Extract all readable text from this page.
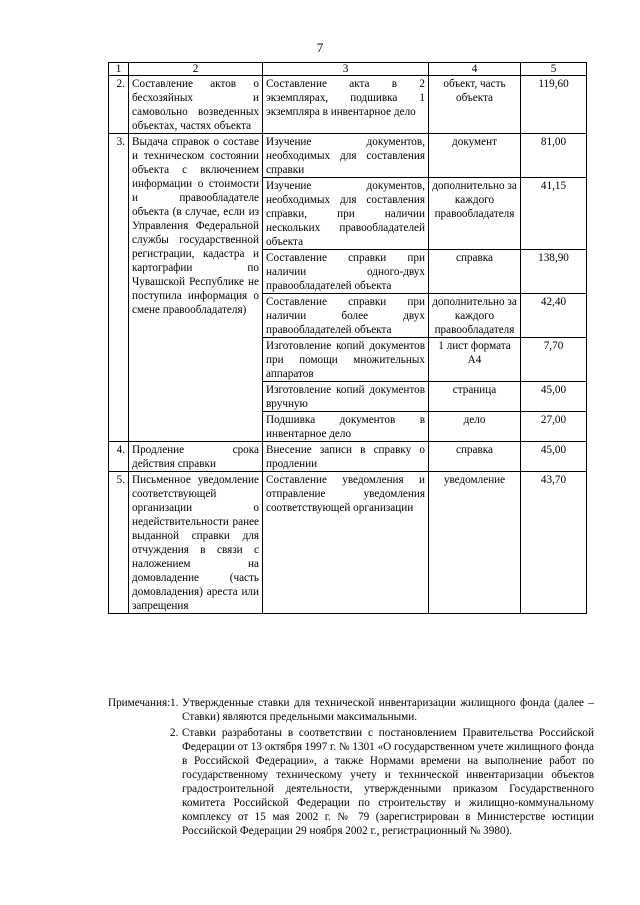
7
1	2	3	4	5
2.	Составление актов о бесхозяйных и самовольно возведенных объектах, частях объекта	Составление акта в 2 экземплярах, подшивка 1 экземпляра в инвентарное дело	объект, часть объекта	119,60
3.	Выдача справок о составе и техническом состоянии объекта с включением информации о стоимости и правообладателе объекта (в случае, если из Управления Федеральной службы государственной регистрации, кадастра и картографии по Чувашской Республике не поступила информация о смене правообладателя)	Изучение документов, необходимых для составления справки	документ	81,00
		Изучение документов, необходимых для составления справки, при наличии нескольких правообладателей объекта	дополнительно за каждого правообладателя	41,15
		Составление справки при наличии одного-двух правообладателей объекта	справка	138,90
		Составление справки при наличии более двух правообладателей объекта	дополнительно за каждого правообладателя	42,40
		Изготовление копий документов при помощи множительных аппаратов	1 лист формата А4	7,70
		Изготовление копий документов вручную	страница	45,00
		Подшивка документов в инвентарное дело	дело	27,00
4.	Продление срока действия справки	Внесение записи в справку о продлении	справка	45,00
5.	Письменное уведомление соответствующей организации о недействительности ранее выданной справки для отчуждения в связи с наложением на домовладение (часть домовладения) ареста или запрещения	Составление уведомления и отправление уведомления соответствующей организации	уведомление	43,70
Примечания: 1. Утвержденные ставки для технической инвентаризации жилищного фонда (далее – Ставки) являются предельными максимальными.
2. Ставки разработаны в соответствии с постановлением Правительства Российской Федерации от 13 октября 1997 г. № 1301 «О государственном учете жилищного фонда в Российской Федерации», а также Нормами времени на выполнение работ по государственному техническому учету и технической инвентаризации объектов градостроительной деятельности, утвержденными приказом Государственного комитета Российской Федерации по строительству и жилищно-коммунальному комплексу от 15 мая 2002 г. № 79 (зарегистрирован в Министерстве юстиции Российской Федерации 29 ноября 2002 г., регистрационный № 3980).
